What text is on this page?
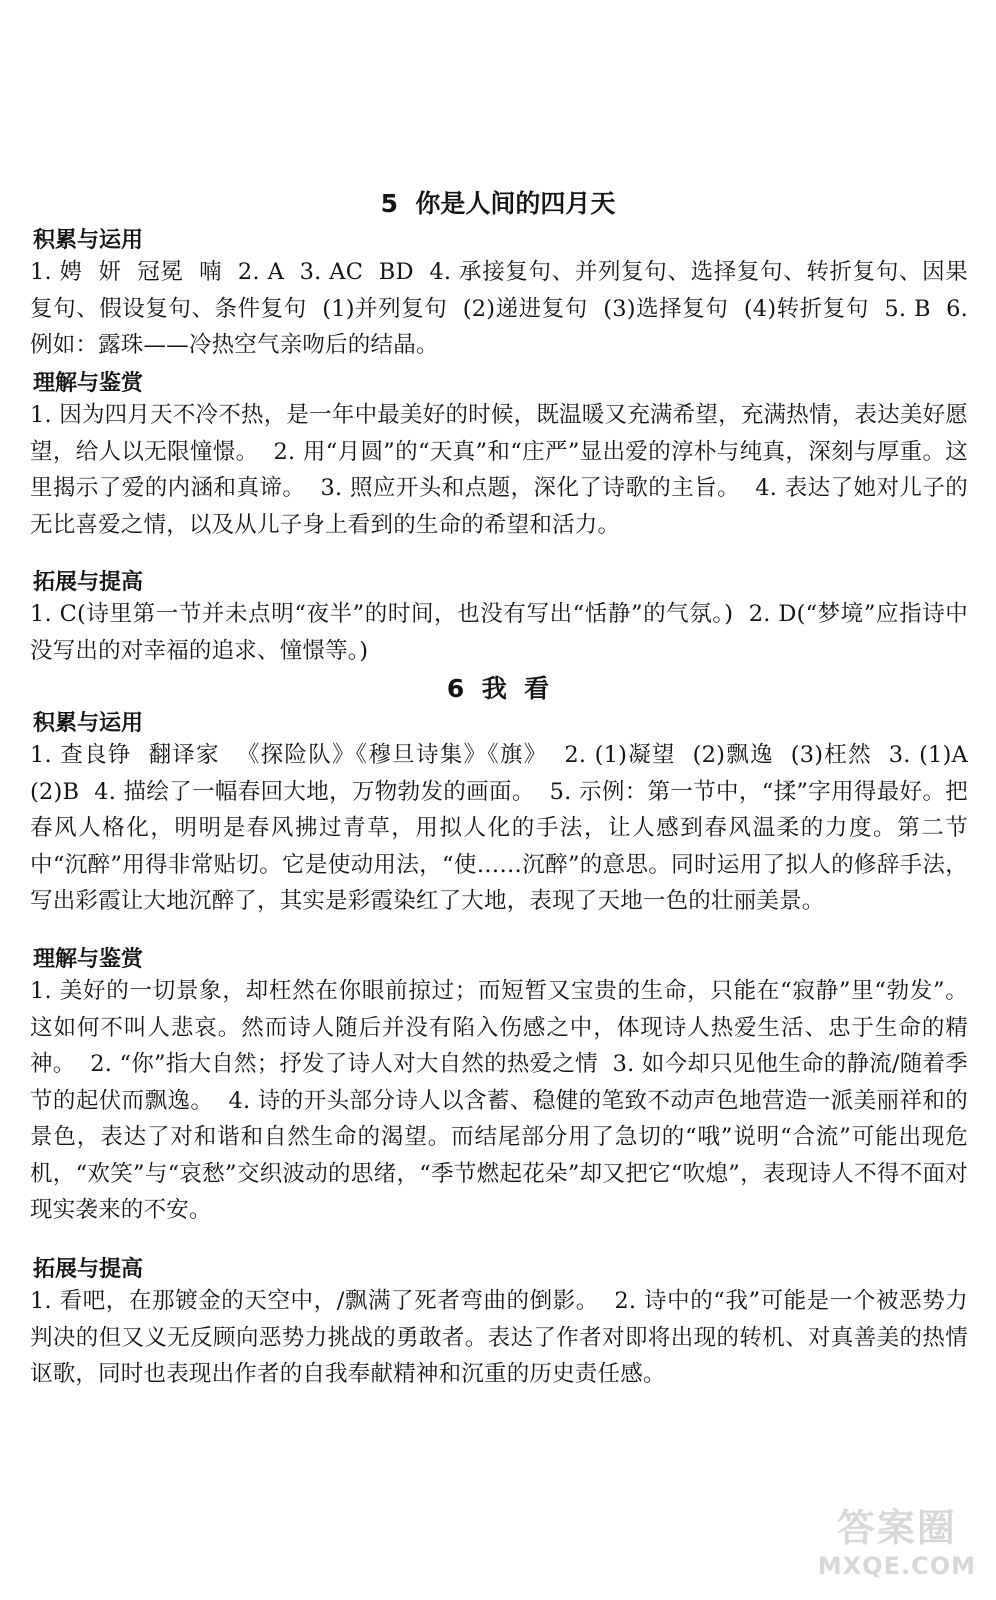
5  你是人间的四月天
积累与运用
1. 娉  妍  冠冕  喃  2. A  3. AC  BD  4. 承接复句、并列复句、选择复句、转折复句、因果复句、假设复句、条件复句  (1)并列复句  (2)递进复句  (3)选择复句  (4)转折复句  5. B  6. 例如：露珠——冷热空气亲吻后的结晶。
理解与鉴赏
1. 因为四月天不冷不热，是一年中最美好的时候，既温暖又充满希望，充满热情，表达美好愿望，给人以无限憧憬。  2. 用“月圆”的“天真”和“庄严”显出爱的淳朴与纯真，深刻与厚重。这里揭示了爱的内涵和真谛。  3. 照应开头和点题，深化了诗歌的主旨。  4. 表达了她对儿子的无比喜爱之情，以及从儿子身上看到的生命的希望和活力。
拓展与提高
1. C(诗里第一节并未点明“夜半”的时间，也没有写出“恬静”的气氛。)  2. D(“梦境”应指诗中没写出的对幸福的追求、憧憬等。)
6  我  看
积累与运用
1. 查良铮  翻译家  《探险队》《穆旦诗集》《旗》  2. (1)凝望  (2)飘逸  (3)枉然  3. (1)A  (2)B  4. 描绘了一幅春回大地，万物勃发的画面。  5. 示例：第一节中，“揉”字用得最好。把春风人格化，明明是春风拂过青草，用拟人化的手法，让人感到春风温柔的力度。第二节中“沉醉”用得非常贴切。它是使动用法，“使……沉醉”的意思。同时运用了拟人的修辞手法，写出彩霞让大地沉醉了，其实是彩霞染红了大地，表现了天地一色的壮丽美景。
理解与鉴赏
1. 美好的一切景象，却枉然在你眼前掠过；而短暂又宝贵的生命，只能在“寂静”里“勃发”。这如何不叫人悲哀。然而诗人随后并没有陷入伤感之中，体现诗人热爱生活、忠于生命的精神。  2. “你”指大自然；抒发了诗人对大自然的热爱之情  3. 如今却只见他生命的静流/随着季节的起伏而飘逸。  4. 诗的开头部分诗人以含蓄、稳健的笔致不动声色地营造一派美丽祥和的景色，表达了对和谐和自然生命的渴望。而结尾部分用了急切的“哦”说明“合流”可能出现危机，“欢笑”与“哀愁”交织波动的思绪，“季节燃起花朵”却又把它“吹熄”，表现诗人不得不面对现实袭来的不安。
拓展与提高
1. 看吧，在那镀金的天空中，/飘满了死者弯曲的倒影。  2. 诗中的“我”可能是一个被恶势力判决的但又义无反顾向恶势力挑战的勇敢者。表达了作者对即将出现的转机、对真善美的热情讴歌，同时也表现出作者的自我奉献精神和沉重的历史责任感。
答案圈
MXQE.COM
